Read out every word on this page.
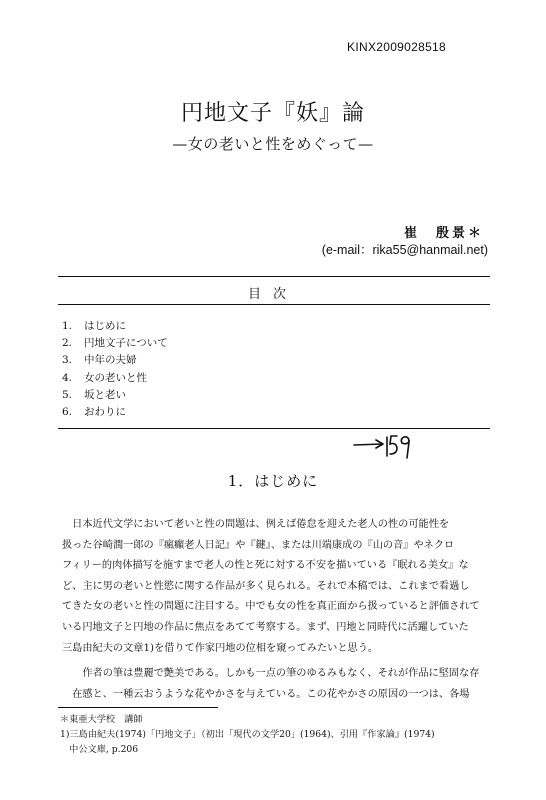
KINX2009028518
円地文子『妖』論
—女の老いと性をめぐって—
崔　殷景＊
(e-mail：rika55@hanmail.net)
目次
1. はじめに
2. 円地文子について
3. 中年の夫婦
4. 女の老いと性
5. 坂と老い
6. おわりに
1．はじめに

　日本近代文学において老いと性の問題は、例えば倦怠を迎えた老人の性の可能性を

扱った谷崎潤一郎の『瘋癲老人日記』や『鍵』、または川端康成の『山の音』やネクロ

フィリー的肉体描写を施すまで老人の性と死に対する不安を描いている『眠れる美女』な

ど、主に男の老いと性慾に関する作品が多く見られる。それで本稿では、これまで看過し

てきた女の老いと性の問題に注目する。中でも女の性を真正面から扱っていると評価されて

いる円地文子と円地の作品に焦点をあてて考察する。まず、円地と同時代に活躍していた

三島由紀夫の文章1)を借りて作家円地の位相を窺ってみたいと思う。

　　作者の筆は豊麗で艶美である。しかも一点の筆のゆるみもなく、それが作品に堅固な存

　在感と、一種云おうような花やかさを与えている。この花やかさの原因の一つは、各場

＊東亜大学校　講師
1)三島由紀夫(1974)「円地文子」（初出「現代の文学20」(1964)、引用『作家論』(1974)
　中公文庫, p.206
